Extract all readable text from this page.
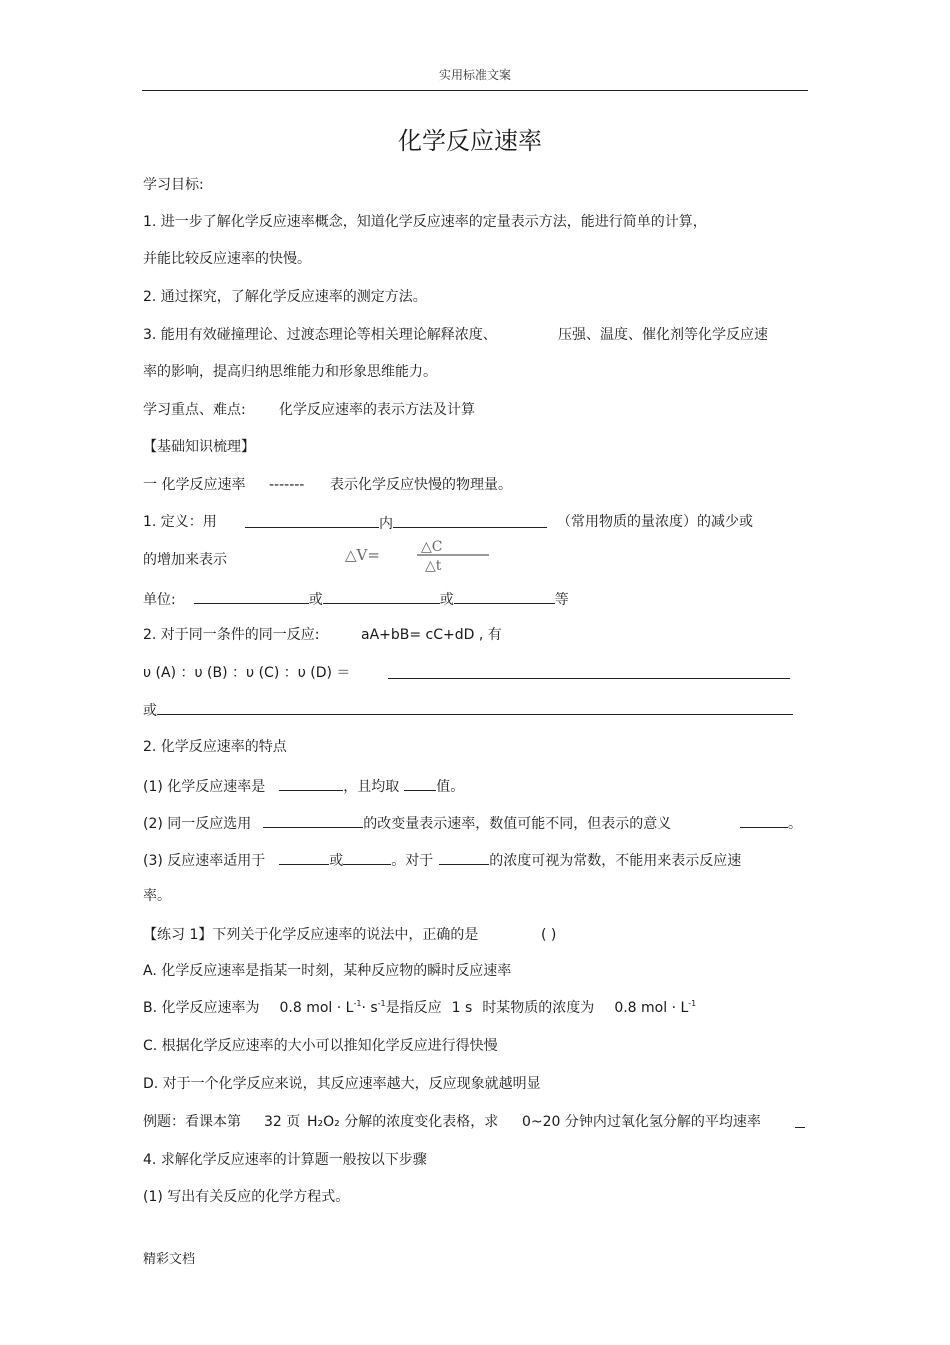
实用标准文案
化学反应速率
学习目标:
1. 进一步了解化学反应速率概念，知道化学反应速率的定量表示方法，能进行简单的计算，
并能比较反应速率的快慢。
2. 通过探究，了解化学反应速率的测定方法。
3. 能用有效碰撞理论、过渡态理论等相关理论解释浓度、	压强、温度、催化剂等化学反应速
率的影响，提高归纳思维能力和形象思维能力。
学习重点、难点: 化学反应速率的表示方法及计算
【基础知识梳理】
一 化学反应速率 ------- 表示化学反应快慢的物理量。
1. 定义：用	内	（常用物质的量浓度）的减少或
的增加来表示	△V=	△C
△t
单位:	或	或	等
2. 对于同一条件的同一反应:	aA+bB= cC+dD , 有
υ (A) ：υ (B) ：υ (C) ：υ (D) ＝
或
2. 化学反应速率的特点
(1) 化学反应速率是	，且均取	值。
(2) 同一反应选用	的改变量表示速率，数值可能不同，但表示的意义	。
(3) 反应速率适用于	或	。对于	的浓度可视为常数，不能用来表示反应速
率。
【练习 1】下列关于化学反应速率的说法中，正确的是	( )
A. 化学反应速率是指某一时刻，某种反应物的瞬时反应速率
B. 化学反应速率为 0.8 mol · $L^{-1}\cdot s^{-1}$是指反应 1 s 时某物质的浓度为 0.8 mol · $L^{-1}$
C. 根据化学反应速率的大小可以推知化学反应进行得快慢
D. 对于一个化学反应来说，其反应速率越大，反应现象就越明显
例题：看课本第 32 页 H₂O₂ 分解的浓度变化表格，求 0~20 分钟内过氧化氢分解的平均速率
4. 求解化学反应速率的计算题一般按以下步骤
(1) 写出有关反应的化学方程式。
精彩文档
